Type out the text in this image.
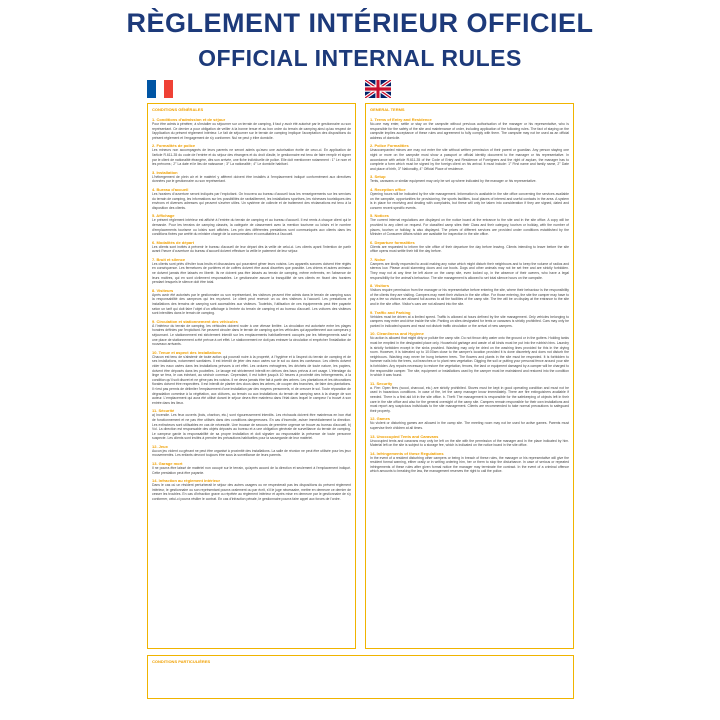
RÈGLEMENT INTÉRIEUR OFFICIEL
OFFICIAL INTERNAL RULES
CONDITIONS GÉNÉRALES
1. Conditions d'admission et de séjour
Pour être admis à pénétrer, à s'installer ou séjourner sur un terrain de camping, il faut y avoir été autorisé par le gestionnaire ou son représentant. Ce dernier a pour obligation de veiller à la bonne tenue et au bon ordre du terrain de camping ainsi qu'au respect de l'application du présent règlement intérieur. Le fait de séjourner sur le terrain de camping implique l'acceptation des dispositions du présent règlement et l'engagement de s'y conformer. Nul ne peut y élire domicile.
2. Formalités de police
Les mineurs non accompagnés de leurs parents ne seront admis qu'avec une autorisation écrite de ceux-ci. En application de l'article R.611-35 du code de l'entrée et du séjour des étrangers et du droit d'asile, le gestionnaire est tenu de faire remplir et signer par le client de nationalité étrangère, dès son arrivée, une fiche individuelle de police. Elle doit mentionner notamment : 1° Le nom et les prénoms ; 2° La date et le lieu de naissance ; 3° La nationalité ; 4° Le domicile habituel.
3. Installation
L'hébergement de plein air et le matériel y afférent doivent être installés à l'emplacement indiqué conformément aux directives données par le gestionnaire ou son représentant.
4. Bureau d'accueil
Les horaires d'ouverture seront indiqués par l'exploitant. On trouvera au bureau d'accueil tous les renseignements sur les services du terrain de camping, les informations sur les possibilités de ravitaillement, les installations sportives, les richesses touristiques des environs et diverses adresses qui peuvent s'avérer utiles. Un système de collecte et de traitement des réclamations est tenu à la disposition des clients.
5. Affichage
Le présent règlement intérieur est affiché à l'entrée du terrain de camping et au bureau d'accueil. Il est remis à chaque client qui le demande. Pour les terrains de camping classés, la catégorie de classement avec la mention tourisme ou loisirs et le nombre d'emplacements tourisme ou loisirs sont affichés. Les prix des différentes prestations sont communiqués aux clients dans les conditions fixées par arrêté du ministre chargé de la consommation et consultables à l'accueil.
6. Modalités de départ
Les clients sont invités à prévenir le bureau d'accueil de leur départ dès la veille de celui-ci. Les clients ayant l'intention de partir avant l'heure d'ouverture du bureau d'accueil doivent effectuer la veille le paiement de leur séjour.
7. Bruit et silence
Les clients sont priés d'éviter tous bruits et discussions qui pourraient gêner leurs voisins. Les appareils sonores doivent être réglés en conséquence. Les fermetures de portières et de coffres doivent être aussi discrètes que possible. Les chiens et autres animaux ne doivent jamais être laissés en liberté. Ils ne doivent pas être laissés au terrain de camping, même enfermés, en l'absence de leurs maîtres, qui en sont civilement responsables. Le gestionnaire assure la tranquillité de ses clients en fixant des horaires pendant lesquels le silence doit être total.
8. Visiteurs
Après avoir été autorisés par le gestionnaire ou son représentant, les visiteurs peuvent être admis dans le terrain de camping sous la responsabilité des campeurs qui les reçoivent. Le client peut recevoir un ou des visiteurs à l'accueil. Les prestations et installations des terrains de camping sont accessibles aux visiteurs. Toutefois, l'utilisation de ces équipements peut être payante selon un tarif qui doit faire l'objet d'un affichage à l'entrée du terrain de camping et au bureau d'accueil. Les voitures des visiteurs sont interdites dans le terrain de camping.
9. Circulation et stationnement des véhicules
À l'intérieur du terrain de camping, les véhicules doivent rouler à une vitesse limitée. La circulation est autorisée entre les plages horaires définies par l'exploitant. Ne peuvent circuler dans le terrain de camping que les véhicules qui appartiennent aux campeurs y séjournant. Le stationnement est strictement interdit sur les emplacements habituellement occupés par les hébergements sauf si une place de stationnement a été prévue à cet effet. Le stationnement ne doit pas entraver la circulation ni empêcher l'installation de nouveaux arrivants.
10. Tenue et aspect des installations
Chacun est tenu de s'abstenir de toute action qui pourrait nuire à la propreté, à l'hygiène et à l'aspect du terrain de camping et de ses installations, notamment sanitaires. Il est interdit de jeter des eaux usées sur le sol ou dans les caniveaux. Les clients doivent vider les eaux usées dans les installations prévues à cet effet. Les ordures ménagères, les déchets de toute nature, les papiers, doivent être déposés dans les poubelles. Le lavage est strictement interdit en dehors des bacs prévus à cet usage. L'étendage du linge se fera, le cas échéant, au séchoir commun. Cependant, il est toléré jusqu'à 10 heures à proximité des hébergements, à la condition qu'il soit discret et ne gêne pas les voisins. Il ne devra jamais être fait à partir des arbres. Les plantations et les décorations florales doivent être respectées. Il est interdit de planter des clous dans les arbres, de couper des branches, de faire des plantations. Il n'est pas permis de délimiter l'emplacement d'une installation par des moyens personnels, ni de creuser le sol. Toute réparation de dégradation commise à la végétation, aux clôtures, au terrain ou aux installations du terrain de camping sera à la charge de son auteur. L'emplacement qui aura été utilisé durant le séjour devra être maintenu dans l'état dans lequel le campeur l'a trouvé à son entrée dans les lieux.
11. Sécurité
a) Incendie. Les feux ouverts (bois, charbon, etc.) sont rigoureusement interdits. Les réchauds doivent être maintenus en bon état de fonctionnement et ne pas être utilisés dans des conditions dangereuses. En cas d'incendie, aviser immédiatement la direction. Les extincteurs sont utilisables en cas de nécessité. Une trousse de secours de première urgence se trouve au bureau d'accueil. b) Vol. La direction est responsable des objets déposés au bureau et a une obligation générale de surveillance du terrain de camping. Le campeur garde la responsabilité de sa propre installation et doit signaler au responsable la présence de toute personne suspecte. Les clients sont invités à prendre les précautions habituelles pour la sauvegarde de leur matériel.
12. Jeux
Aucun jeu violent ou gênant ne peut être organisé à proximité des installations. La salle de réunion ne peut être utilisée pour les jeux mouvementés. Les enfants devront toujours être sous la surveillance de leurs parents.
13. Garage mort
Il ne pourra être laissé de matériel non occupé sur le terrain, qu'après accord de la direction et seulement à l'emplacement indiqué. Cette prestation peut être payante.
14. Infraction au règlement intérieur
Dans le cas où un résident perturberait le séjour des autres usagers ou ne respecterait pas les dispositions du présent règlement intérieur, le gestionnaire ou son représentant pourra oralement ou par écrit, s'il le juge nécessaire, mettre en demeure ce dernier de cesser les troubles. En cas d'infraction grave ou répétée au règlement intérieur et après mise en demeure par le gestionnaire de s'y conformer, celui-ci pourra résilier le contrat. En cas d'infraction pénale, le gestionnaire pourra faire appel aux forces de l'ordre.
GENERAL TERMS
1. Terms of Entry and Residence
No-one may enter, settle or stay on the campsite without previous authorisation of the manager or his representative, who is responsible for the safety of the site and maintenance of order, including application of the following rules. The fact of staying on the campsite implies acceptance of these rules and agreement to fully comply with them. The campsite may not be used as an official address of domicile.
2. Police Formalities
Unaccompanied minors are may not enter the site without written permission of their parent or guardian. Any person staying one night or more on the campsite must show a passport or official identity document to the manager or his representative. In accordance with article R.611-35 of the Code of Entry and Residence of Foreigners and the right of asylum, the manager has to complete a form which must be signed by the foreign client on his arrival. It must include: 1° First name and family name, 2° Date and place of birth, 3° Nationality, 4° Official Place of residence.
3. Setup
Tents, caravans or similar equipment may only be set up where indicated by the manager or his representative.
4. Reception office
Opening hours will be indicated by the site management. Information is available in the site office concerning the services available on the campsite, opportunities for provisioning, the sports facilities, local places of interest and useful contacts in the area. A system is in place for receiving and dealing with complaints, but these will only be taken into consideration if they are signed, dated and concern recent specific events.
5. Notices
The current internal regulations are displayed on the notice board at the entrance to the site and in the site office. A copy will be provided to any client on request. For classified camp sites their Class and their category, tourism or holiday, with the number of places, tourism or holiday, is also displayed. The prices of different services are provided under conditions established by the Minister of Consumer Affairs which are available for inspection in the site office.
6. Departure formalities
Clients are requested to inform the site office of their departure the day before leaving. Clients intending to leave before the site office opens must settle their bill the day before.
7. Noise
Campers are kindly requested to avoid making any noise which might disturb their neighbours and to keep the volume of radios and stereos low. Please avoid slamming doors and car boots. Dogs and other animals may not be set free and are strictly forbidden. They may not at any time be left alone on the camp site, even locked up, in the absence of their owners, who have a legal responsibility for the animal's behaviour. The site management is allowed to set total silence hours on the campsite.
8. Visitors
Visitors require permission from the manager or his representative before entering the site, where their behaviour is the responsibility of the clients they are visiting. Campers may meet their visitors in the site office. For those entering, the site the camper may have to pay a fee so visitors are allowed full access to all the facilities of the camp site. The fee will be on display at the entrance to the site and in the site office. Visitor's cars are not allowed into the site.
9. Traffic and Parking
Vehicles must be driven at a limited speed. Traffic is allowed at hours defined by the site management. Only vehicles belonging to campers may enter and drive inside the site. Parking on sites designated for tents or caravans is strictly prohibited. Cars may only be parked in indicated spaces and must not disturb traffic circulation or the arrival of new campers.
10. Cleanliness and Hygiene
No action is allowed that might dirty or pollute the camp site. Do not throw dirty water onto the ground or in the gutters. Holding tanks must be emptied in the designated place only. Household garbage and waste of all kinds must be put into the rubbish bins. Laundry is strictly forbidden except in the sinks provided. Washing may only be dried on the washing lines provided for this in the drying room. However, it is tolerated up to 10:00am close to the camper's location provided it is done discretely and does not disturb the neighbours. Washing may never be hung between trees. The flowers and plants in the site must be respected. It is forbidden to hammer nails into the trees, cut branches or to plant new vegetation. Digging the soil or putting your personal fence around your site is forbidden. Any repairs necessary to restore the vegetation, fences, the land or equipment damaged by a camper will be charged to the responsible camper. The site, equipment or installations used by the camper must be maintained and restored into the condition in which it was found.
11. Security
a. Fire: Open fires (wood, charcoal, etc.) are strictly prohibited. Stoves must be kept in good operating condition and must not be used in hazardous conditions. In case of fire, let the camp manager know immediately. There are fire extinguishers available if needed. There is a first aid kit in the site office. b. Theft: The management is responsible for the safekeeping of objects left in their care in the site office and also for the general oversight of the camp site. Campers remain responsible for their own installations and must report any suspicious individuals to the site management. Clients are recommended to take normal precautions to safeguard their property.
12. Games
No violent or disturbing games are allowed in the camp site. The meeting room may not be used for active games. Parents must supervise their children at all times.
13. Unoccupied Tents and Caravans
Unoccupied tents and caravans may only be left on the site with the permission of the manager and in the place indicated by him. Material left on the site is subject to a storage fee, which is indicated on the notice board in the site office.
14. Infringements of these Regulations
In the event of a resident disturbing other campers or being in breach of these rules, the manager or his representative will give the resident formal warning, either orally or in writing ordering him, her or them to stop the disturbance. In case of serious or repeated infringements of these rules after given formal notice the manager may terminate the contract. In the event of a criminal offence which amounts to breaking the law, the management reserves the right to call the police.
CONDITIONS PARTICULIÈRES
